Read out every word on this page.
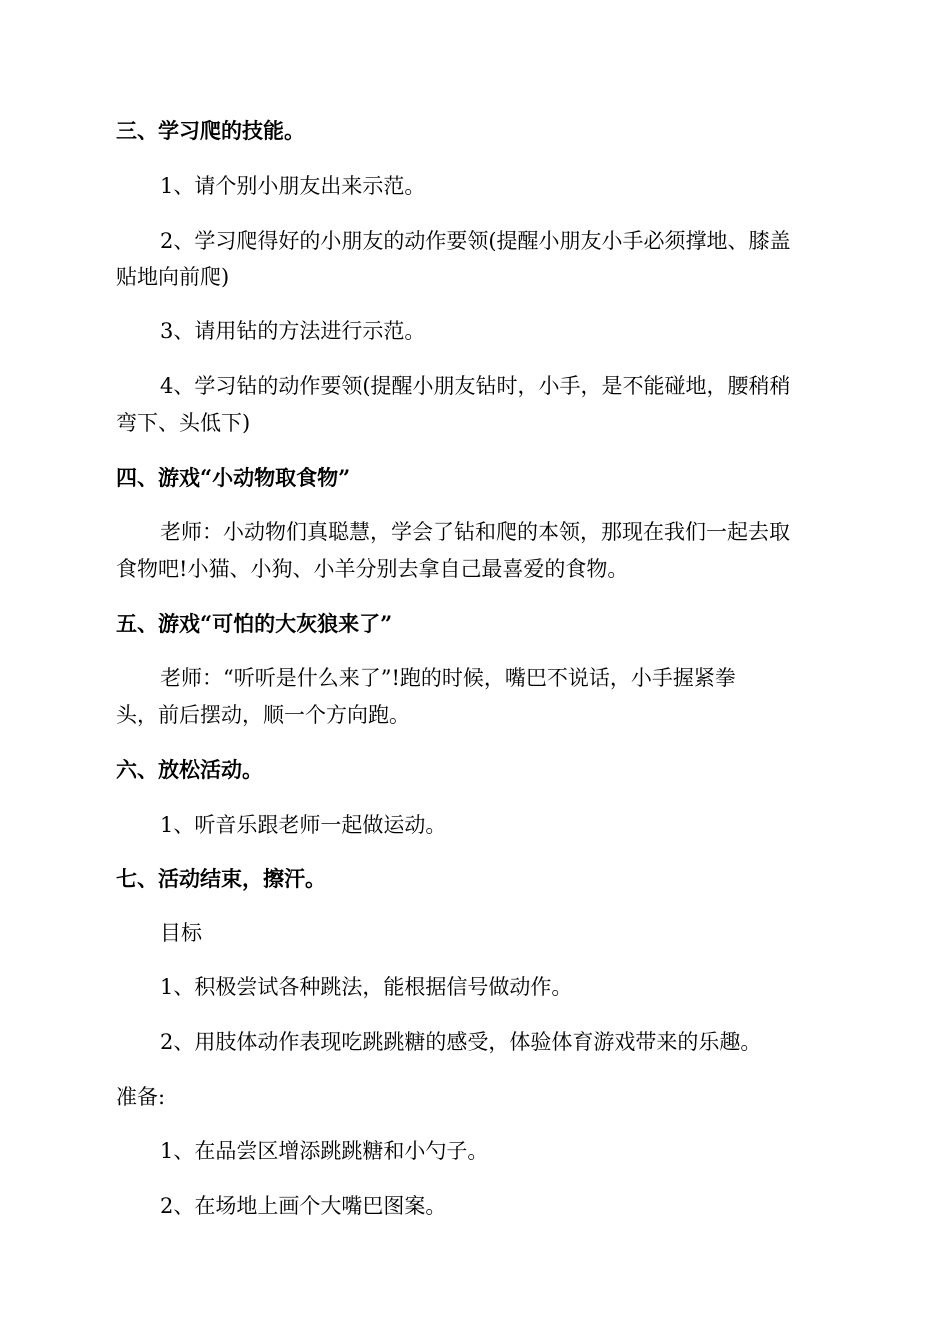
三、学习爬的技能。
1、请个别小朋友出来示范。
2、学习爬得好的小朋友的动作要领(提醒小朋友小手必须撑地、膝盖
贴地向前爬)
3、请用钻的方法进行示范。
4、学习钻的动作要领(提醒小朋友钻时，小手，是不能碰地，腰稍稍
弯下、头低下)
四、游戏“小动物取食物”
老师：小动物们真聪慧，学会了钻和爬的本领，那现在我们一起去取
食物吧!小猫、小狗、小羊分别去拿自己最喜爱的食物。
五、游戏“可怕的大灰狼来了”
老师：“听听是什么来了”!跑的时候，嘴巴不说话，小手握紧拳
头，前后摆动，顺一个方向跑。
六、放松活动。
1、听音乐跟老师一起做运动。
七、活动结束，擦汗。
目标
1、积极尝试各种跳法，能根据信号做动作。
2、用肢体动作表现吃跳跳糖的感受，体验体育游戏带来的乐趣。
准备:
1、在品尝区增添跳跳糖和小勺子。
2、在场地上画个大嘴巴图案。
